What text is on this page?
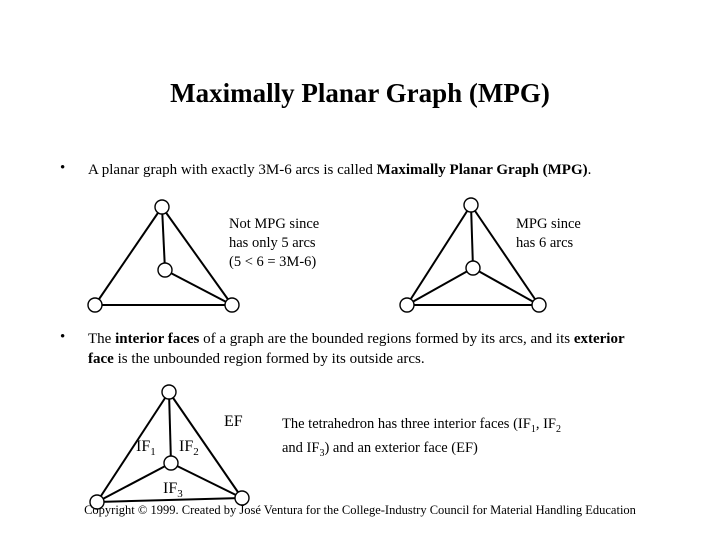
Maximally Planar Graph (MPG)
• A planar graph with exactly 3M-6 arcs is called Maximally Planar Graph (MPG).
Not MPG since
has only 5 arcs
(5 < 6 = 3M-6)
MPG since
has 6 arcs
• The interior faces of a graph are the bounded regions formed by its arcs, and its exterior face is the unbounded region formed by its outside arcs.
EF
$IF_1$ $IF_2$
$IF_3$
The tetrahedron has three interior faces ($IF_1$, $IF_2$
and $IF_3$) and an exterior face (EF)
Copyright © 1999. Created by José Ventura for the College-Industry Council for Material Handling Education
